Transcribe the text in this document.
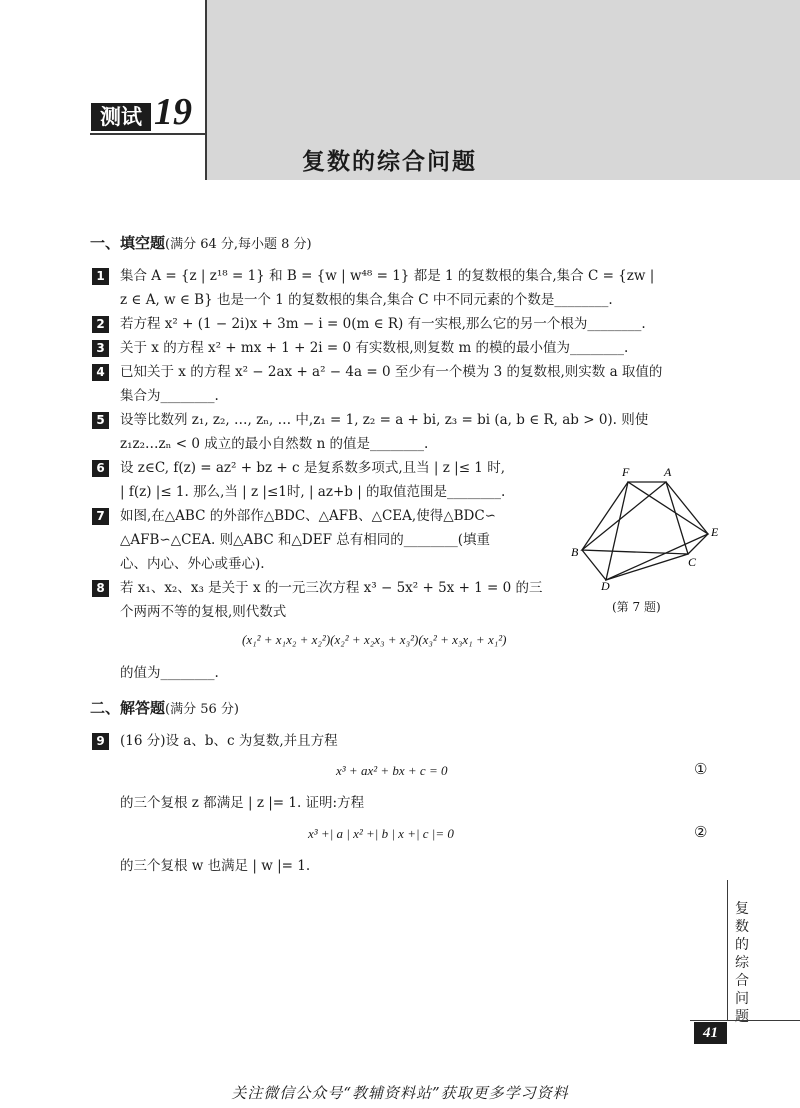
测试 19
复数的综合问题
一、填空题(满分 64 分,每小题 8 分)
1	集合 A = {z | z¹⁸ = 1} 和 B = {w | w⁴⁸ = 1} 都是 1 的复数根的集合,集合 C = {zw |
z ∈ A, w ∈ B} 也是一个 1 的复数根的集合,集合 C 中不同元素的个数是________.
2	若方程 x² + (1 − 2i)x + 3m − i = 0(m ∈ R) 有一实根,那么它的另一个根为________.
3	关于 x 的方程 x² + mx + 1 + 2i = 0 有实数根,则复数 m 的模的最小值为________.
4	已知关于 x 的方程 x² − 2ax + a² − 4a = 0 至少有一个模为 3 的复数根,则实数 a 取值的
集合为________.
5	设等比数列 z₁, z₂, …, zₙ, … 中,z₁ = 1, z₂ = a + bi, z₃ = bi (a, b ∈ R, ab > 0). 则使
z₁z₂…zₙ < 0 成立的最小自然数 n 的值是________.
6	设 z∈C, f(z) = az² + bz + c 是复系数多项式,且当 | z |≤ 1 时,
| f(z) |≤ 1. 那么,当 | z |≤1时, | az+b | 的取值范围是________.
7	如图,在△ABC 的外部作△BDC、△AFB、△CEA,使得△BDC∽
△AFB∽△CEA. 则△ABC 和△DEF 总有相同的________(填重
心、内心、外心或垂心).
8	若 x₁、x₂、x₃ 是关于 x 的一元三次方程 x³ − 5x² + 5x + 1 = 0 的三
个两两不等的复根,则代数式
(x₁² + x₁x₂ + x₂²)(x₂² + x₂x₃ + x₃²)(x₃² + x₃x₁ + x₁²)
的值为________.
F	A
E
B
C
D
(第 7 题)
二、解答题(满分 56 分)
9	(16 分)设 a、b、c 为复数,并且方程
x³ + ax² + bx + c = 0	①
的三个复根 z 都满足 | z |= 1. 证明:方程
x³ +| a | x² +| b | x +| c |= 0	②
的三个复根 w 也满足 | w |= 1.
复数的综合问题
41
关注微信公众号“教辅资料站”获取更多学习资料
